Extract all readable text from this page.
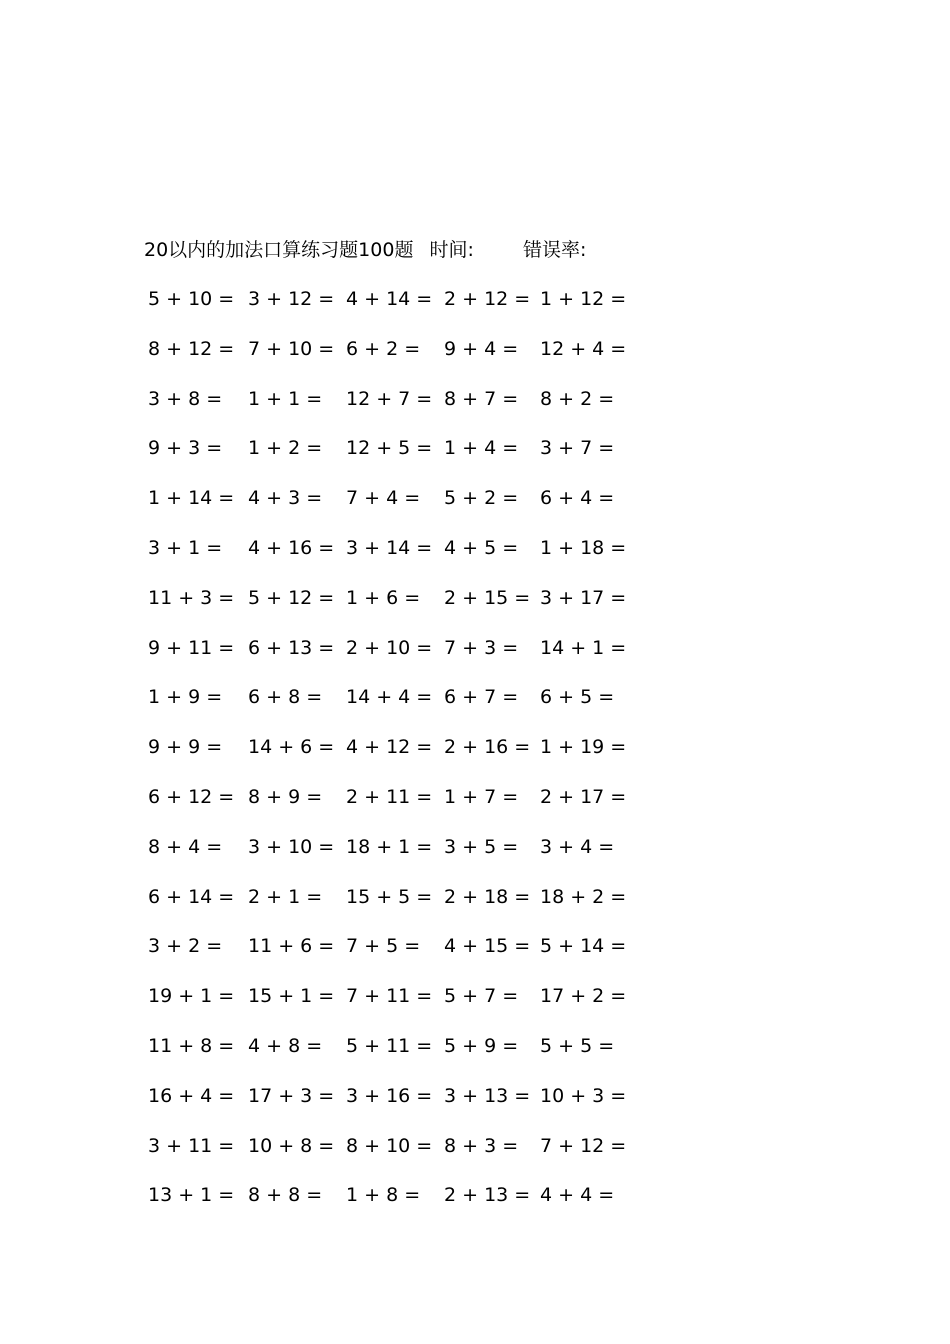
20以内的加法口算练习题100题 时间:	错误率:
5 + 10 = 3 + 12 = 4 + 14 = 2 + 12 = 1 + 12 =
8 + 12 = 7 + 10 = 6 + 2 = 9 + 4 = 12 + 4 =
3 + 8 = 1 + 1 = 12 + 7 = 8 + 7 = 8 + 2 =
9 + 3 = 1 + 2 = 12 + 5 = 1 + 4 = 3 + 7 =
1 + 14 = 4 + 3 = 7 + 4 = 5 + 2 = 6 + 4 =
3 + 1 = 4 + 16 = 3 + 14 = 4 + 5 = 1 + 18 =
11 + 3 = 5 + 12 = 1 + 6 = 2 + 15 = 3 + 17 =
9 + 11 = 6 + 13 = 2 + 10 = 7 + 3 = 14 + 1 =
1 + 9 = 6 + 8 = 14 + 4 = 6 + 7 = 6 + 5 =
9 + 9 = 14 + 6 = 4 + 12 = 2 + 16 = 1 + 19 =
6 + 12 = 8 + 9 = 2 + 11 = 1 + 7 = 2 + 17 =
8 + 4 = 3 + 10 = 18 + 1 = 3 + 5 = 3 + 4 =
6 + 14 = 2 + 1 = 15 + 5 = 2 + 18 = 18 + 2 =
3 + 2 = 11 + 6 = 7 + 5 = 4 + 15 = 5 + 14 =
19 + 1 = 15 + 1 = 7 + 11 = 5 + 7 = 17 + 2 =
11 + 8 = 4 + 8 = 5 + 11 = 5 + 9 = 5 + 5 =
16 + 4 = 17 + 3 = 3 + 16 = 3 + 13 = 10 + 3 =
3 + 11 = 10 + 8 = 8 + 10 = 8 + 3 = 7 + 12 =
13 + 1 = 8 + 8 = 1 + 8 = 2 + 13 = 4 + 4 =
